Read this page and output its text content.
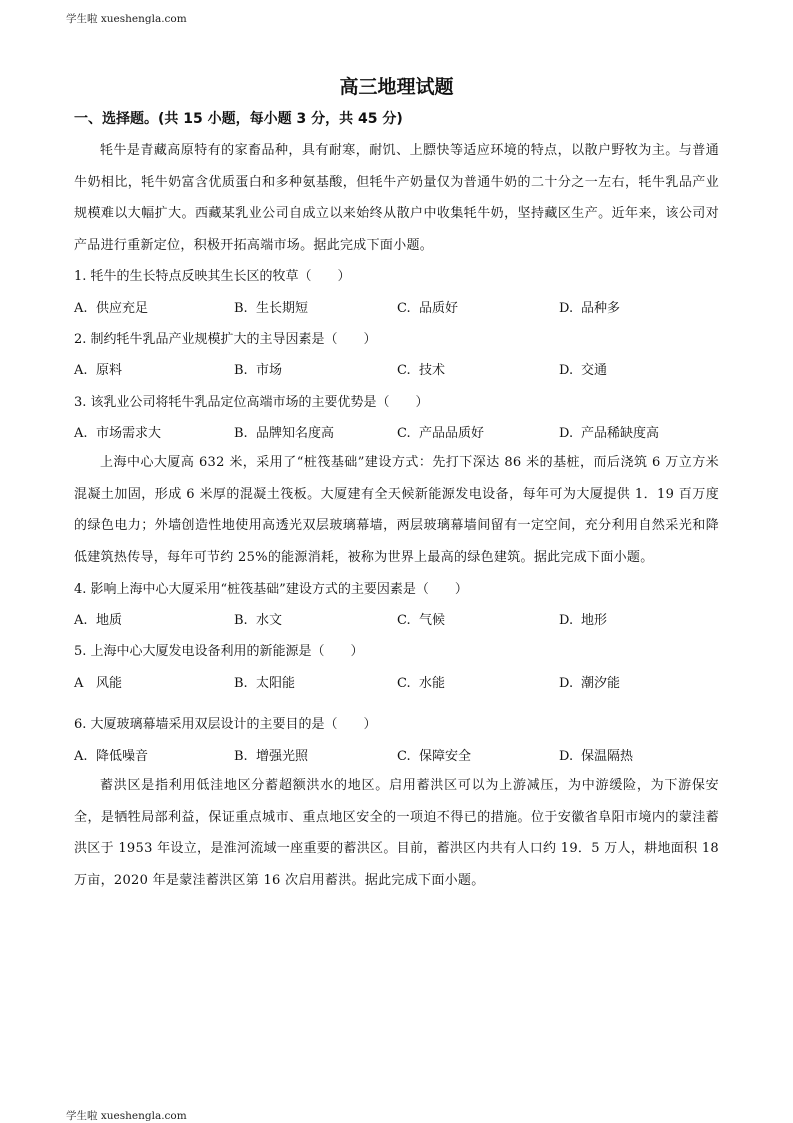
学生啦 xueshengla.com
高三地理试题
一、选择题。(共 15 小题，每小题 3 分，共 45 分)
牦牛是青藏高原特有的家畜品种，具有耐寒，耐饥、上膘快等适应环境的特点，以散户野牧为主。与普通牛奶相比，牦牛奶富含优质蛋白和多种氨基酸，但牦牛产奶量仅为普通牛奶的二十分之一左右，牦牛乳品产业规模难以大幅扩大。西藏某乳业公司自成立以来始终从散户中收集牦牛奶，坚持藏区生产。近年来，该公司对产品进行重新定位，积极开拓高端市场。据此完成下面小题。
1. 牦牛的生长特点反映其生长区的牧草（　　）
A. 供应充足	B. 生长期短	C. 品质好	D. 品种多
2. 制约牦牛乳品产业规模扩大的主导因素是（　　）
A. 原料	B. 市场	C. 技术	D. 交通
3. 该乳业公司将牦牛乳品定位高端市场的主要优势是（　　）
A. 市场需求大	B. 品牌知名度高	C. 产品品质好	D. 产品稀缺度高
上海中心大厦高 632 米，采用了“桩筏基础”建设方式：先打下深达 86 米的基桩，而后浇筑 6 万立方米混凝土加固，形成 6 米厚的混凝土筏板。大厦建有全天候新能源发电设备，每年可为大厦提供 1．19 百万度的绿色电力；外墙创造性地使用高透光双层玻璃幕墙，两层玻璃幕墙间留有一定空间，充分利用自然采光和降低建筑热传导，每年可节约 25%的能源消耗，被称为世界上最高的绿色建筑。据此完成下面小题。
4. 影响上海中心大厦采用“桩筏基础”建设方式的主要因素是（　　）
A. 地质	B. 水文	C. 气候	D. 地形
5. 上海中心大厦发电设备利用的新能源是（　　）
A 风能	B. 太阳能	C. 水能	D. 潮汐能
6. 大厦玻璃幕墙采用双层设计的主要目的是（　　）
A. 降低噪音	B. 增强光照	C. 保障安全	D. 保温隔热
蓄洪区是指利用低洼地区分蓄超额洪水的地区。启用蓄洪区可以为上游减压，为中游缓险，为下游保安全，是牺牲局部利益，保证重点城市、重点地区安全的一项迫不得已的措施。位于安徽省阜阳市境内的蒙洼蓄洪区于 1953 年设立，是淮河流域一座重要的蓄洪区。目前，蓄洪区内共有人口约 19．5 万人，耕地面积 18 万亩，2020 年是蒙洼蓄洪区第 16 次启用蓄洪。据此完成下面小题。
学生啦 xueshengla.com
